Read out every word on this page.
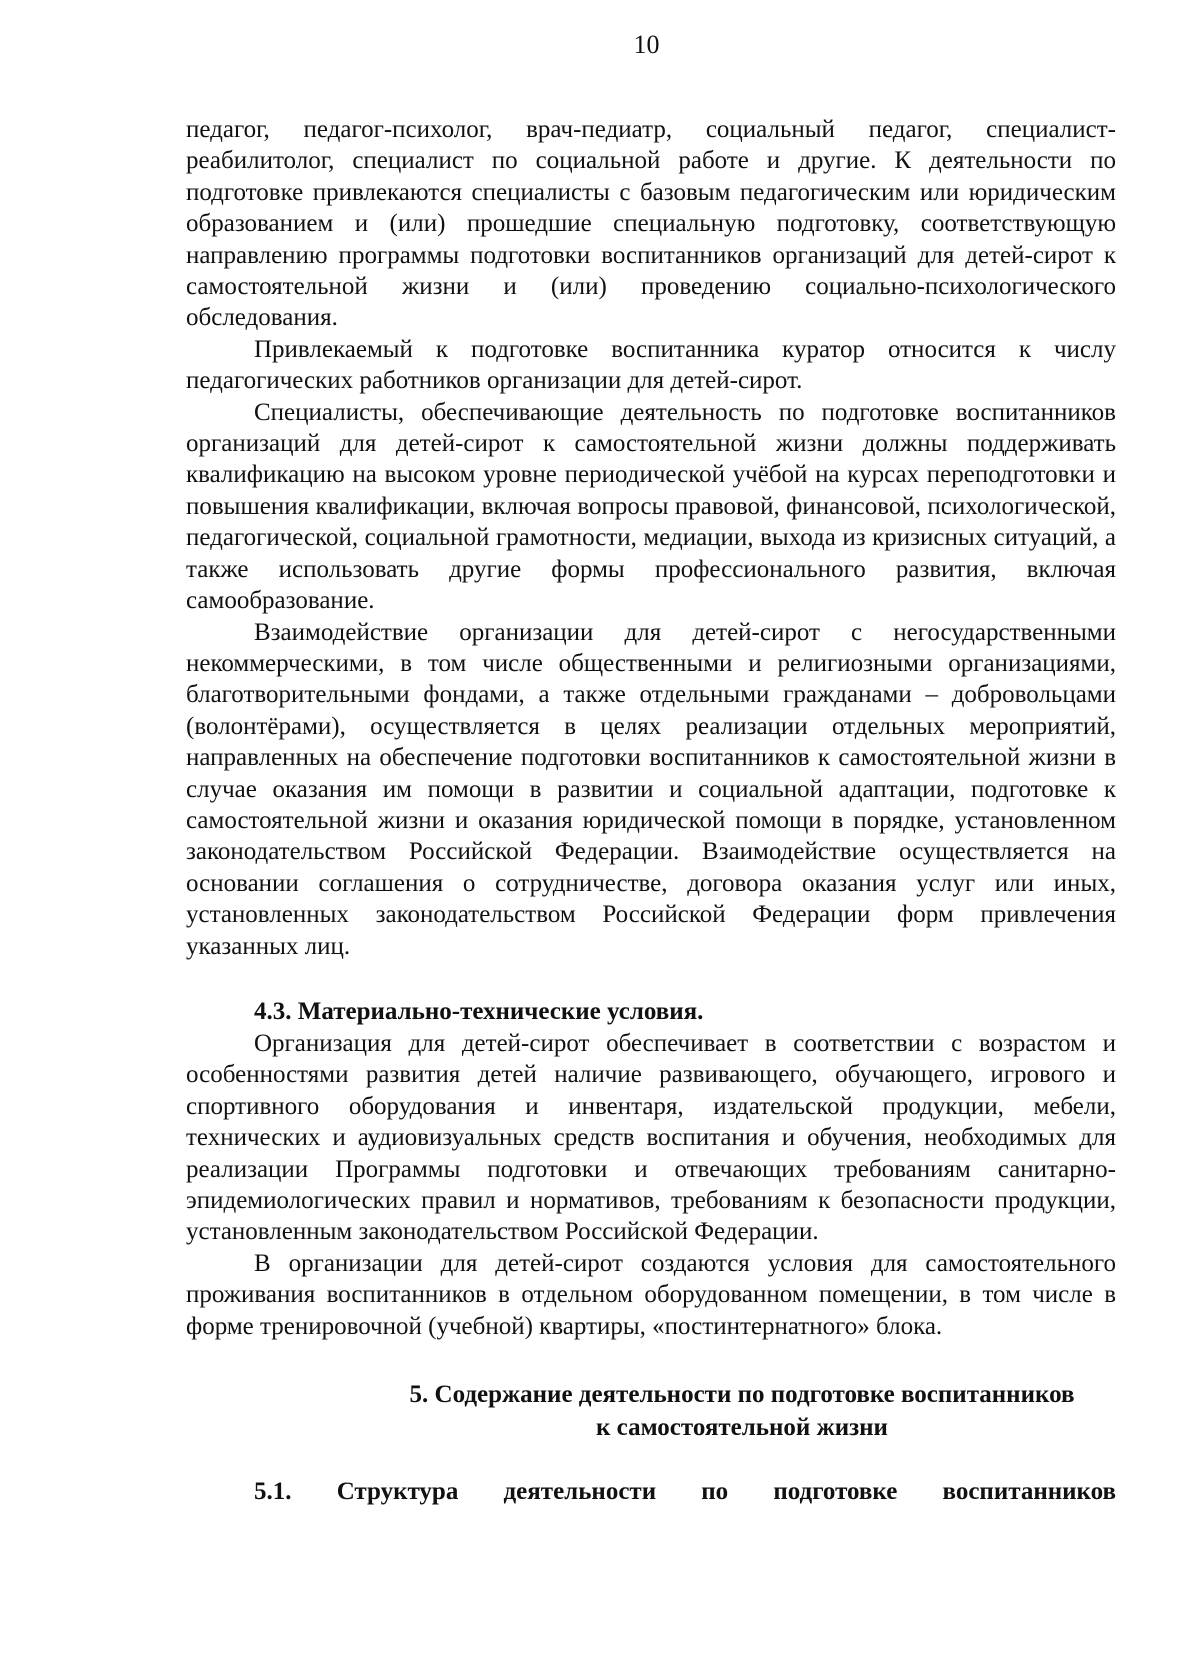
10

педагог, педагог-психолог, врач-педиатр, социальный педагог, специалист-реабилитолог, специалист по социальной работе и другие. К деятельности по подготовке привлекаются специалисты с базовым педагогическим или юридическим образованием и (или) прошедшие специальную подготовку, соответствующую направлению программы подготовки воспитанников организаций для детей-сирот к самостоятельной жизни и (или) проведению социально-психологического обследования.

Привлекаемый к подготовке воспитанника куратор относится к числу педагогических работников организации для детей-сирот.

Специалисты, обеспечивающие деятельность по подготовке воспитанников организаций для детей-сирот к самостоятельной жизни должны поддерживать квалификацию на высоком уровне периодической учёбой на курсах переподготовки и повышения квалификации, включая вопросы правовой, финансовой, психологической, педагогической, социальной грамотности, медиации, выхода из кризисных ситуаций, а также использовать другие формы профессионального развития, включая самообразование.

Взаимодействие организации для детей-сирот с негосударственными некоммерческими, в том числе общественными и религиозными организациями, благотворительными фондами, а также отдельными гражданами – добровольцами (волонтёрами), осуществляется в целях реализации отдельных мероприятий, направленных на обеспечение подготовки воспитанников к самостоятельной жизни в случае оказания им помощи в развитии и социальной адаптации, подготовке к самостоятельной жизни и оказания юридической помощи в порядке, установленном законодательством Российской Федерации. Взаимодействие осуществляется на основании соглашения о сотрудничестве, договора оказания услуг или иных, установленных законодательством Российской Федерации форм привлечения указанных лиц.

4.3. Материально-технические условия.

Организация для детей-сирот обеспечивает в соответствии с возрастом и особенностями развития детей наличие развивающего, обучающего, игрового и спортивного оборудования и инвентаря, издательской продукции, мебели, технических и аудиовизуальных средств воспитания и обучения, необходимых для реализации Программы подготовки и отвечающих требованиям санитарно-эпидемиологических правил и нормативов, требованиям к безопасности продукции, установленным законодательством Российской Федерации.

В организации для детей-сирот создаются условия для самостоятельного проживания воспитанников в отдельном оборудованном помещении, в том числе в форме тренировочной (учебной) квартиры, «постинтернатного» блока.

5. Содержание деятельности по подготовке воспитанников
к самостоятельной жизни
5.1. Структура деятельности по подготовке воспитанников
